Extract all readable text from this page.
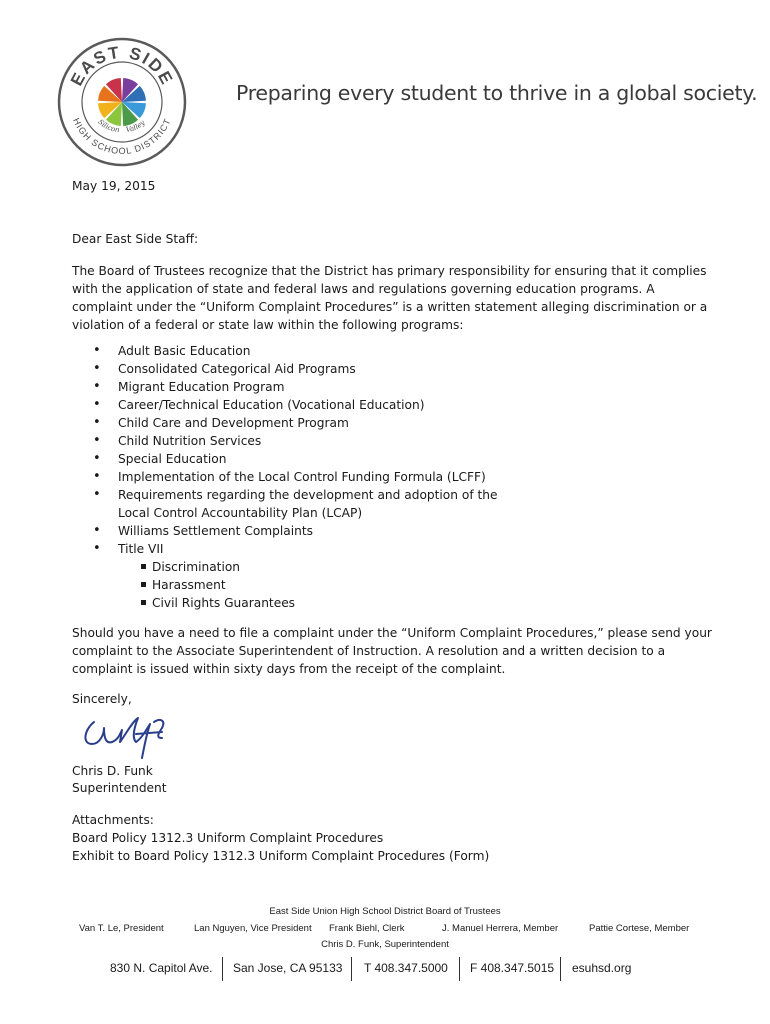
EAST SIDE
HIGH SCHOOL DISTRICT
Silicon Valley
Preparing every student to thrive in a global society.
May 19, 2015
Dear East Side Staff:
The Board of Trustees recognize that the District has primary responsibility for ensuring that it complies with the application of state and federal laws and regulations governing education programs. A complaint under the “Uniform Complaint Procedures” is a written statement alleging discrimination or a violation of a federal or state law within the following programs:
• Adult Basic Education
• Consolidated Categorical Aid Programs
• Migrant Education Program
• Career/Technical Education (Vocational Education)
• Child Care and Development Program
• Child Nutrition Services
• Special Education
• Implementation of the Local Control Funding Formula (LCFF)
• Requirements regarding the development and adoption of the Local Control Accountability Plan (LCAP)
• Williams Settlement Complaints
• Title VII
Discrimination
Harassment
Civil Rights Guarantees
Should you have a need to file a complaint under the “Uniform Complaint Procedures,” please send your complaint to the Associate Superintendent of Instruction. A resolution and a written decision to a complaint is issued within sixty days from the receipt of the complaint.
Sincerely,
Chris D. Funk
Superintendent
Attachments:
Board Policy 1312.3 Uniform Complaint Procedures
Exhibit to Board Policy 1312.3 Uniform Complaint Procedures (Form)
East Side Union High School District Board of Trustees
Van T. Le, President	Lan Nguyen, Vice President Frank Biehl, Clerk	J. Manuel Herrera, Member	Pattie Cortese, Member
Chris D. Funk, Superintendent
830 N. Capitol Ave. San Jose, CA 95133 T 408.347.5000 F 408.347.5015 esuhsd.org
